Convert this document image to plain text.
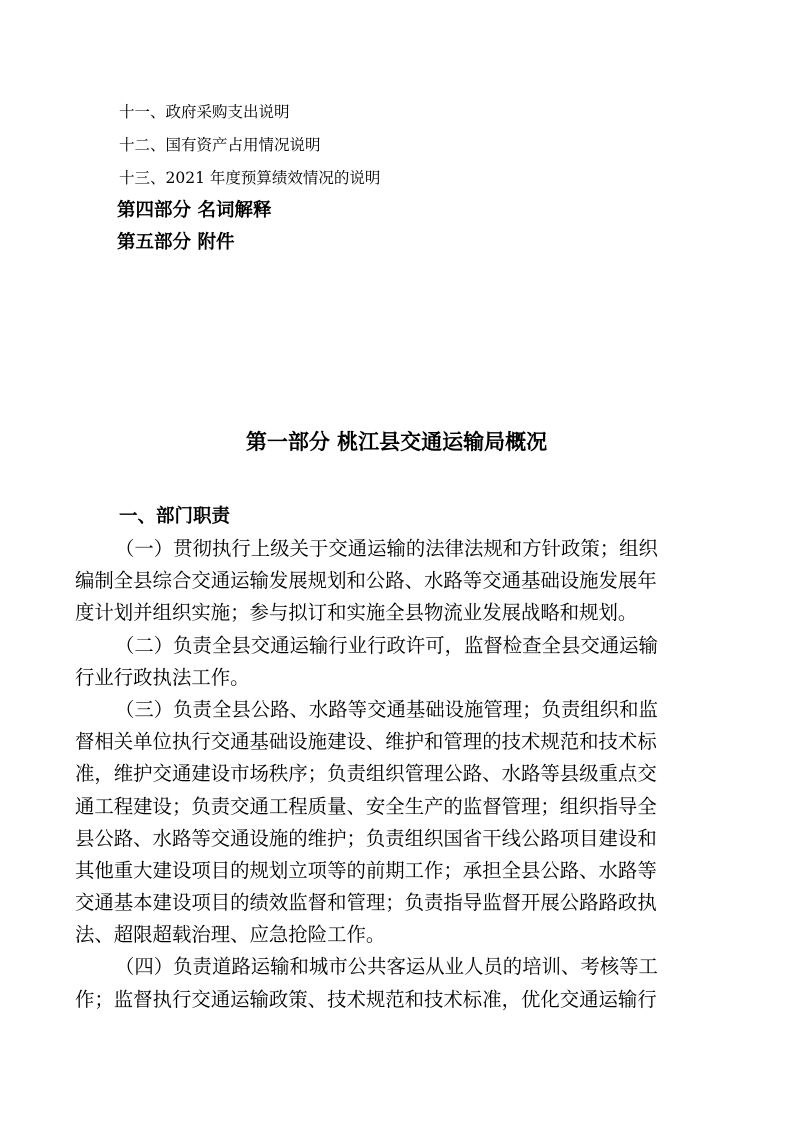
十一、政府采购支出说明
十二、国有资产占用情况说明
十三、2021 年度预算绩效情况的说明
第四部分 名词解释
第五部分 附件
第一部分 桃江县交通运输局概况
一、部门职责
（一）贯彻执行上级关于交通运输的法律法规和方针政策；组织
编制全县综合交通运输发展规划和公路、水路等交通基础设施发展年
度计划并组织实施；参与拟订和实施全县物流业发展战略和规划。
（二）负责全县交通运输行业行政许可，监督检查全县交通运输
行业行政执法工作。
（三）负责全县公路、水路等交通基础设施管理；负责组织和监
督相关单位执行交通基础设施建设、维护和管理的技术规范和技术标
准，维护交通建设市场秩序；负责组织管理公路、水路等县级重点交
通工程建设；负责交通工程质量、安全生产的监督管理；组织指导全
县公路、水路等交通设施的维护；负责组织国省干线公路项目建设和
其他重大建设项目的规划立项等的前期工作；承担全县公路、水路等
交通基本建设项目的绩效监督和管理；负责指导监督开展公路路政执
法、超限超载治理、应急抢险工作。
（四）负责道路运输和城市公共客运从业人员的培训、考核等工
作；监督执行交通运输政策、技术规范和技术标准，优化交通运输行
